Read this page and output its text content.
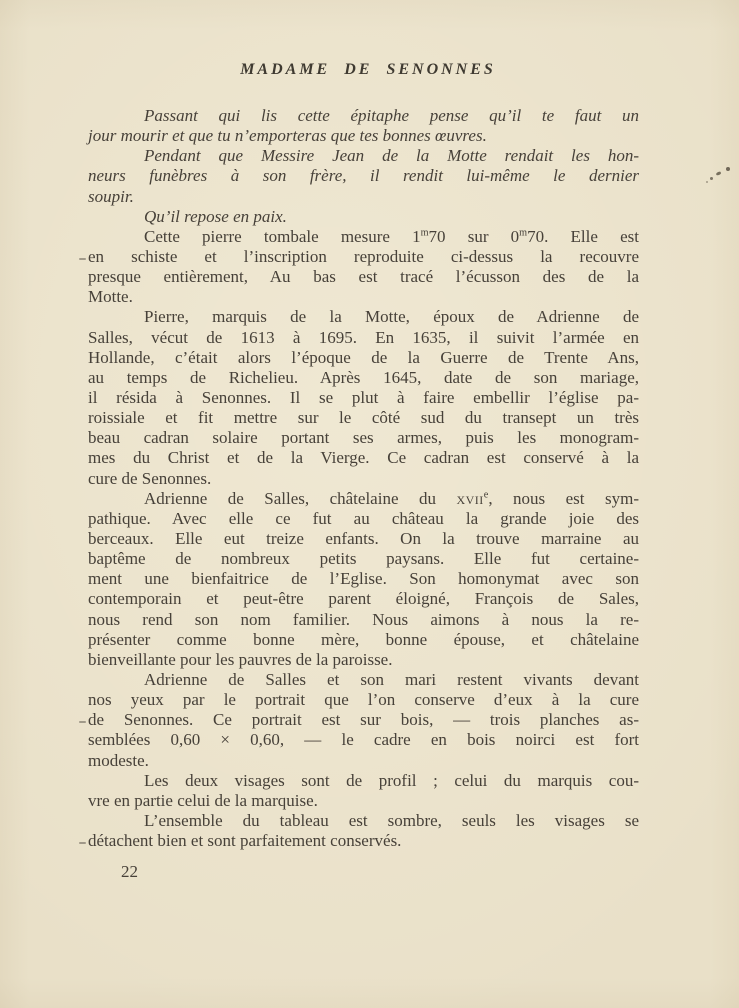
MADAME DE SENONNES
Passant qui lis cette épitaphe pense qu’il te faut un
jour mourir et que tu n’emporteras que tes bonnes œuvres.
Pendant que Messire Jean de la Motte rendait les hon-
neurs funèbres à son frère, il rendit lui-même le dernier
soupir.
Qu’il repose en paix.
Cette pierre tombale mesure 1$^m$70 sur 0$^m$70. Elle est
en schiste et l’inscription reproduite ci-dessus la recouvre
presque entièrement, Au bas est tracé l’écusson des de la
Motte.
Pierre, marquis de la Motte, époux de Adrienne de
Salles, vécut de 1613 à 1695. En 1635, il suivit l’armée en
Hollande, c’était alors l’époque de la Guerre de Trente Ans,
au temps de Richelieu. Après 1645, date de son mariage,
il résida à Senonnes. Il se plut à faire embellir l’église pa-
roissiale et fit mettre sur le côté sud du transept un très
beau cadran solaire portant ses armes, puis les monogram-
mes du Christ et de la Vierge. Ce cadran est conservé à la
cure de Senonnes.
Adrienne de Salles, châtelaine du xvii$^e$, nous est sym-
pathique. Avec elle ce fut au château la grande joie des
berceaux. Elle eut treize enfants. On la trouve marraine au
baptême de nombreux petits paysans. Elle fut certaine-
ment une bienfaitrice de l’Eglise. Son homonymat avec son
contemporain et peut-être parent éloigné, François de Sales,
nous rend son nom familier. Nous aimons à nous la re-
présenter comme bonne mère, bonne épouse, et châtelaine
bienveillante pour les pauvres de la paroisse.
Adrienne de Salles et son mari restent vivants devant
nos yeux par le portrait que l’on conserve d’eux à la cure
de Senonnes. Ce portrait est sur bois, — trois planches as-
semblées 0,60 × 0,60, — le cadre en bois noirci est fort
modeste.
Les deux visages sont de profil ; celui du marquis cou-
vre en partie celui de la marquise.
L’ensemble du tableau est sombre, seuls les visages se
détachent bien et sont parfaitement conservés.
22
